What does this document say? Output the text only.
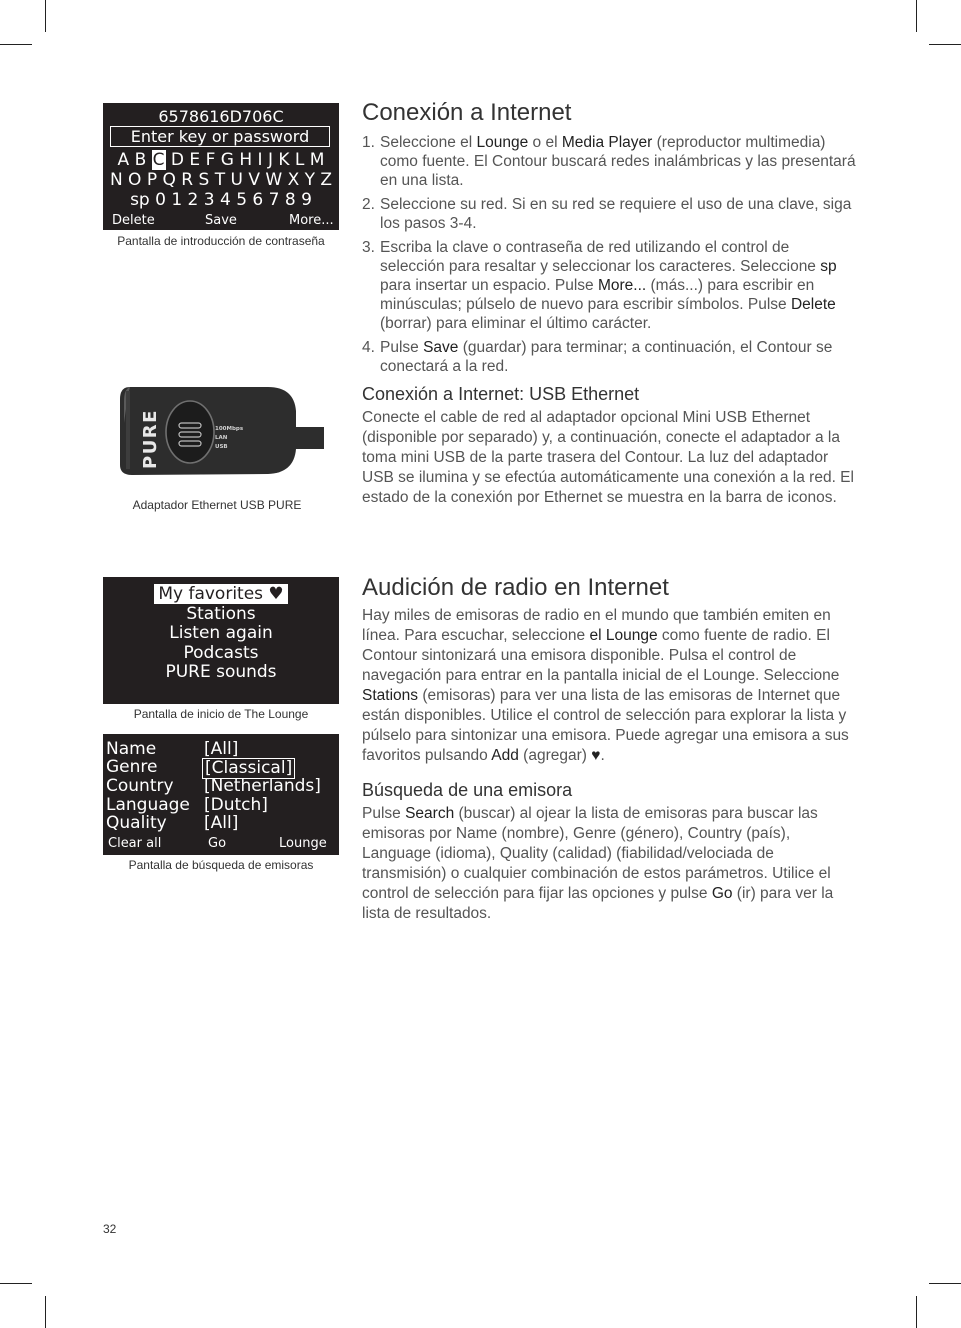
6578616D706C
Enter key or password
A B C D E F G H I J K L M
N O P Q R S T U V W X Y Z
sp 0 1 2 3 4 5 6 7 8 9
Delete	Save	More...
Pantalla de introducción de contraseña
100Mbps
LAN
USB
PURE
Adaptador Ethernet USB PURE
My favorites ♥
Stations
Listen again
Podcasts
PURE sounds
Pantalla de inicio de The Lounge
Name	[All]
Genre	[Classical]
Country [Netherlands]
Language [Dutch]
Quality [All]
Clear all	Go	Lounge
Pantalla de búsqueda de emisoras
Conexión a Internet
1. Seleccione el Lounge o el Media Player (reproductor multimedia) como fuente. El Contour buscará redes inalámbricas y las presentará en una lista.
2. Seleccione su red. Si en su red se requiere el uso de una clave, siga los pasos 3-4.
3. Escriba la clave o contraseña de red utilizando el control de selección para resaltar y seleccionar los caracteres. Seleccione sp para insertar un espacio. Pulse More... (más...) para escribir en minúsculas; púlselo de nuevo para escribir símbolos. Pulse Delete (borrar) para eliminar el último carácter.
4. Pulse Save (guardar) para terminar; a continuación, el Contour se conectará a la red.
Conexión a Internet: USB Ethernet

Conecte el cable de red al adaptador opcional Mini USB Ethernet (disponible por separado) y, a continuación, conecte el adaptador a la toma mini USB de la parte trasera del Contour. La luz del adaptador USB se ilumina y se efectúa automáticamente una conexión a la red. El estado de la conexión por Ethernet se muestra en la barra de iconos.

Audición de radio en Internet

Hay miles de emisoras de radio en el mundo que también emiten en línea. Para escuchar, seleccione el Lounge como fuente de radio. El Contour sintonizará una emisora disponible. Pulsa el control de navegación para entrar en la pantalla inicial de el Lounge. Seleccione Stations (emisoras) para ver una lista de las emisoras de Internet que están disponibles. Utilice el control de selección para explorar la lista y púlselo para sintonizar una emisora. Puede agregar una emisora a sus favoritos pulsando Add (agregar) ♥.

Búsqueda de una emisora

Pulse Search (buscar) al ojear la lista de emisoras para buscar las emisoras por Name (nombre), Genre (género), Country (país), Language (idioma), Quality (calidad) (fiabilidad/velociada de transmisión) o cualquier combinación de estos parámetros. Utilice el control de selección para fijar las opciones y pulse Go (ir) para ver la lista de resultados.

32
